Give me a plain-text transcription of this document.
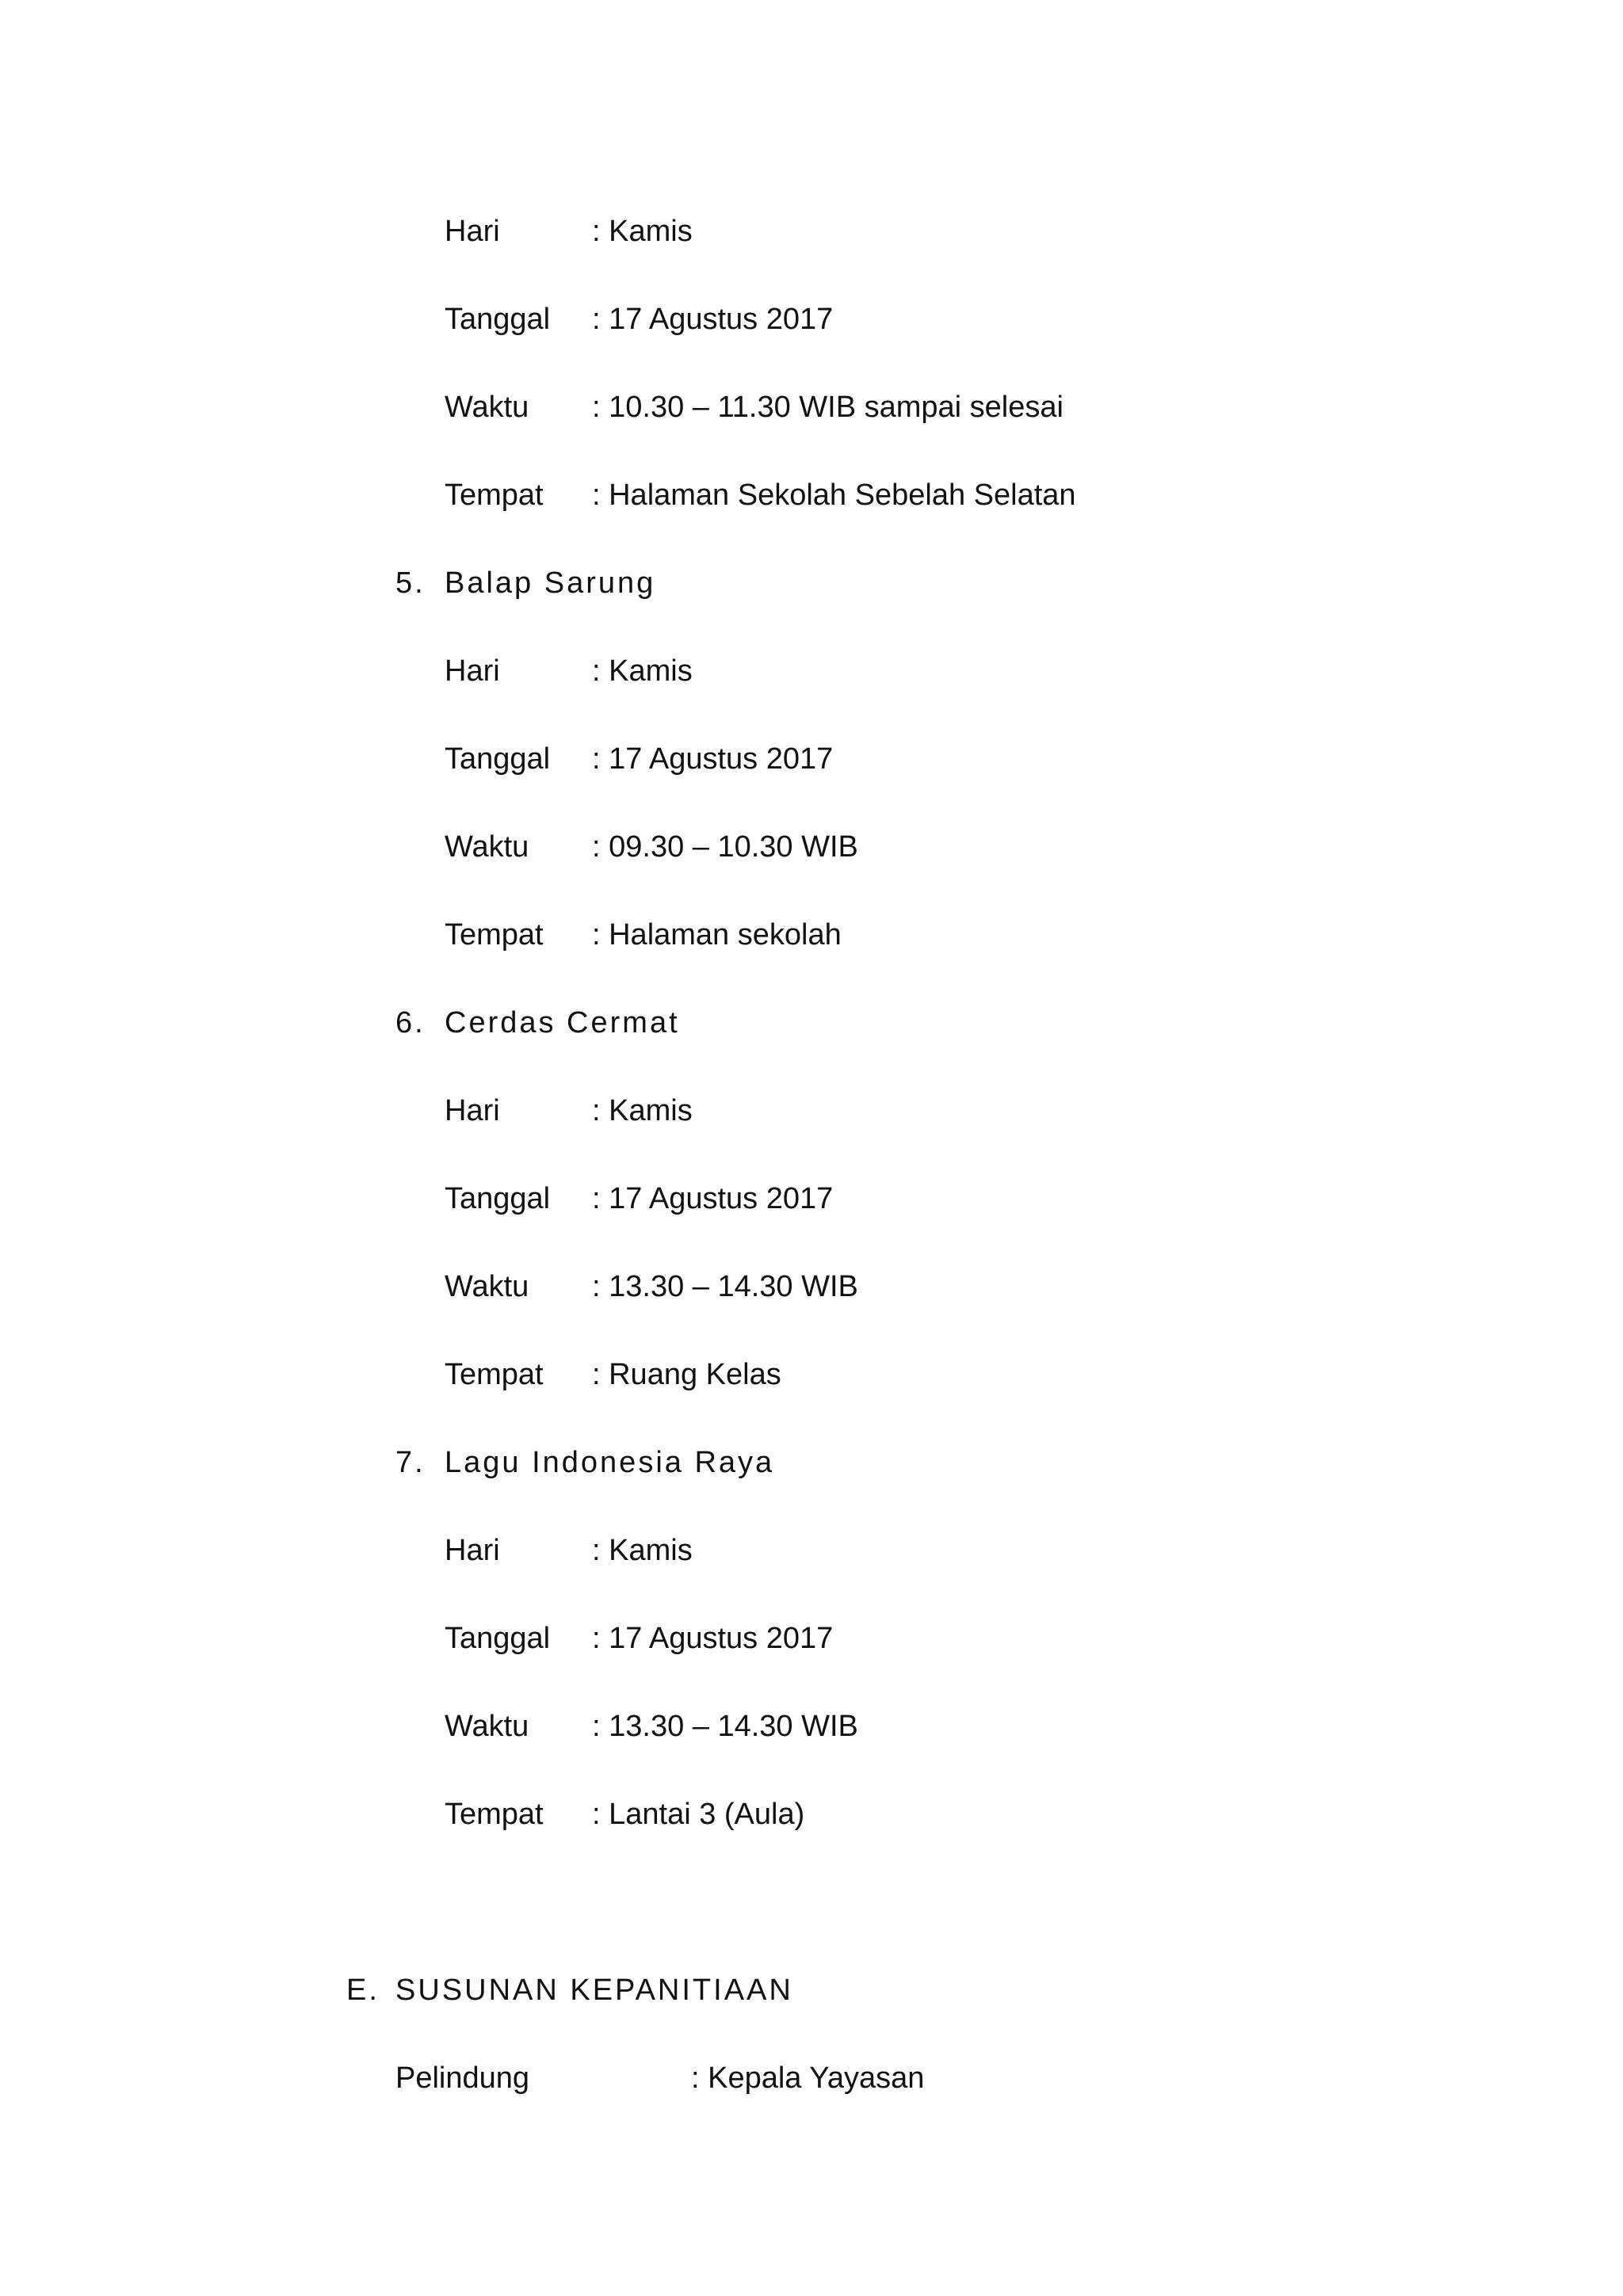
Hari	: Kamis
Tanggal	: 17 Agustus 2017
Waktu	: 10.30 – 11.30 WIB sampai selesai
Tempat	: Halaman Sekolah Sebelah Selatan
5. Balap Sarung
Hari	: Kamis
Tanggal	: 17 Agustus 2017
Waktu	: 09.30 – 10.30 WIB
Tempat	: Halaman sekolah
6. Cerdas Cermat
Hari	: Kamis
Tanggal	: 17 Agustus 2017
Waktu	: 13.30 – 14.30 WIB
Tempat	: Ruang Kelas
7. Lagu Indonesia Raya
Hari	: Kamis
Tanggal	: 17 Agustus 2017
Waktu	: 13.30 – 14.30 WIB
Tempat	: Lantai 3 (Aula)
E. SUSUNAN KEPANITIAAN
Pelindung	: Kepala Yayasan
